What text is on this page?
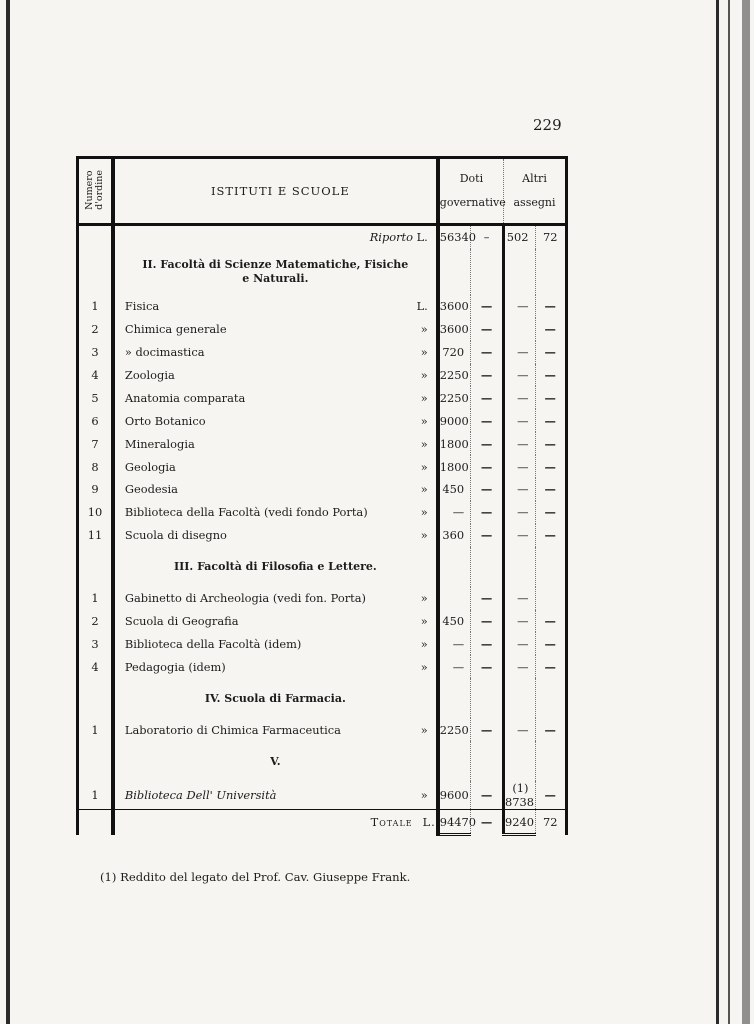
229
Numero
d'ordine	ISTITUTI E SCUOLE	Doti
governative		Altri
assegni	
	Riporto L.	56340	–	502	72
	II. Facoltà di Scienze Matematiche, Fisiche
e Naturali.				
1	Fisica L.	3600	—	—	—
2	Chimica generale »	3600	—		—
3	» docimastica »	720	—	—	—
4	Zoologia »	2250	—	—	—
5	Anatomia comparata »	2250	—	—	—
6	Orto Botanico »	9000	—	—	—
7	Mineralogia »	1800	—	—	—
8	Geologia »	1800	—	—	—
9	Geodesia »	450	—	—	—
10	Biblioteca della Facoltà (vedi fondo Porta) »	—	—	—	—
11	Scuola di disegno »	360	—	—	—
	III. Facoltà di Filosofia e Lettere.				
1	Gabinetto di Archeologia (vedi fon. Porta) »		—	—	
2	Scuola di Geografia »	450	—	—	—
3	Biblioteca della Facoltà (idem) »	—	—	—	—
4	Pedagogia (idem) »	—	—	—	—
	IV. Scuola di Farmacia.				
1	Laboratorio di Chimica Farmaceutica »	2250	—	—	—
	V.				
1	Biblioteca Dell' Università »	9600	—	(1) 8738	—
	Totale L.	94470	—	9240	72
(1) Reddito del legato del Prof. Cav. Giuseppe Frank.
